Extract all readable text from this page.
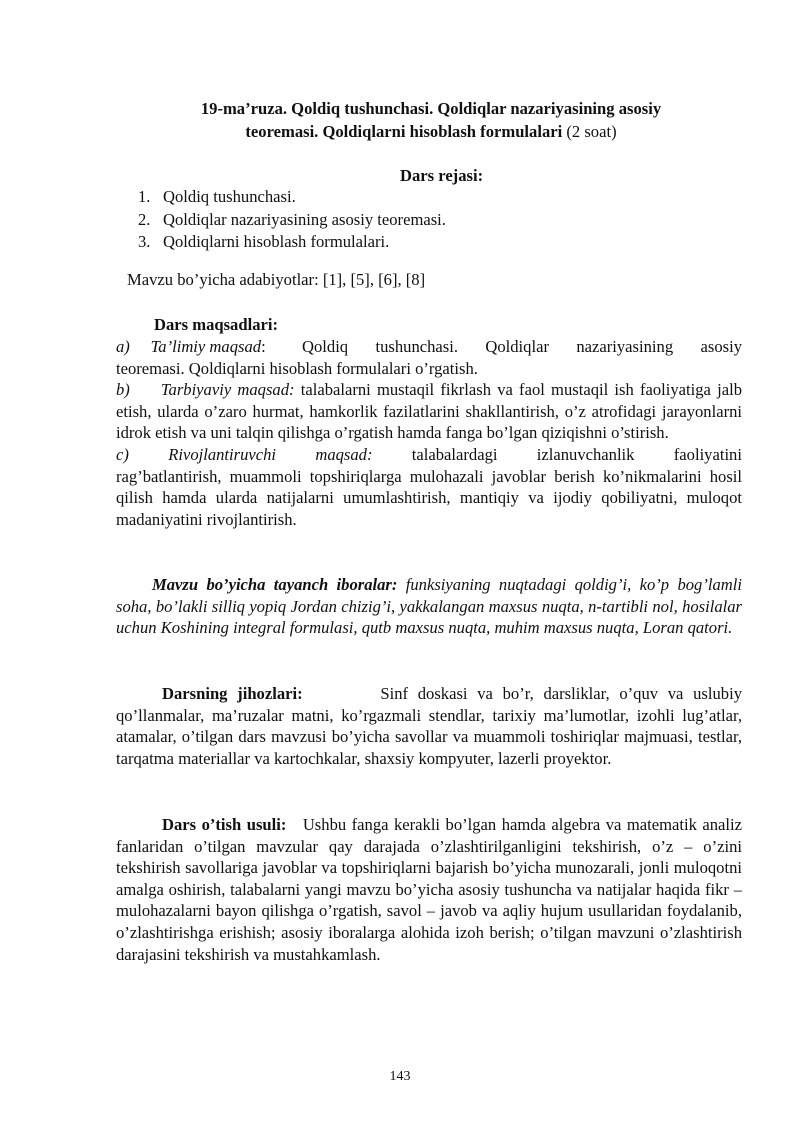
19-ma’ruza. Qoldiq tushunchasi. Qoldiqlar nazariyasining asosiy
teoremasi. Qoldiqlarni hisoblash formulalari (2 soat)
Dars rejasi:
1. Qoldiq tushunchasi.
2. Qoldiqlar nazariyasining asosiy teoremasi.
3. Qoldiqlarni hisoblash formulalari.
Mavzu bo’yicha adabiyotlar: [1], [5], [6], [8]
Dars maqsadlari:
a) Ta’limiy maqsad: Qoldiq tushunchasi. Qoldiqlar nazariyasining asosiy
teoremasi. Qoldiqlarni hisoblash formulalari o’rgatish.
b) Tarbiyaviy maqsad: talabalarni mustaqil fikrlash va faol mustaqil ish faoliyatiga jalb etish, ularda o’zaro hurmat, hamkorlik fazilatlarini shakllantirish, o’z atrofidagi jarayonlarni idrok etish va uni talqin qilishga o’rgatish hamda fanga bo’lgan qiziqishni o’stirish.
c) Rivojlantiruvchi maqsad: talabalardagi izlanuvchanlik faoliyatini
rag’batlantirish, muammoli topshiriqlarga mulohazali javoblar berish ko’nikmalarini hosil qilish hamda ularda natijalarni umumlashtirish, mantiqiy va ijodiy qobiliyatni, muloqot madaniyatini rivojlantirish.
Mavzu bo’yicha tayanch iboralar: funksiyaning nuqtadagi qoldig’i, ko’p bog’lamli soha, bo’lakli silliq yopiq Jordan chizig’i, yakkalangan maxsus nuqta, n-tartibli nol, hosilalar uchun Koshining integral formulasi, qutb maxsus nuqta, muhim maxsus nuqta, Loran qatori.
Darsning jihozlari:	Sinf doskasi va bo’r, darsliklar, o’quv va uslubiy qo’llanmalar, ma’ruzalar matni, ko’rgazmali stendlar, tarixiy ma’lumotlar, izohli lug’atlar, atamalar, o’tilgan dars mavzusi bo’yicha savollar va muammoli toshiriqlar majmuasi, testlar, tarqatma materiallar va kartochkalar, shaxsiy kompyuter, lazerli proyektor.
Dars o’tish usuli: Ushbu fanga kerakli bo’lgan hamda algebra va matematik analiz fanlaridan o’tilgan mavzular qay darajada o’zlashtirilganligini tekshirish, o’z – o’zini tekshirish savollariga javoblar va topshiriqlarni bajarish bo’yicha munozarali, jonli muloqotni amalga oshirish, talabalarni yangi mavzu bo’yicha asosiy tushuncha va natijalar haqida fikr – mulohazalarni bayon qilishga o’rgatish, savol – javob va aqliy hujum usullaridan foydalanib, o’zlashtirishga erishish; asosiy iboralarga alohida izoh berish; o’tilgan mavzuni o’zlashtirish darajasini tekshirish va mustahkamlash.
143
